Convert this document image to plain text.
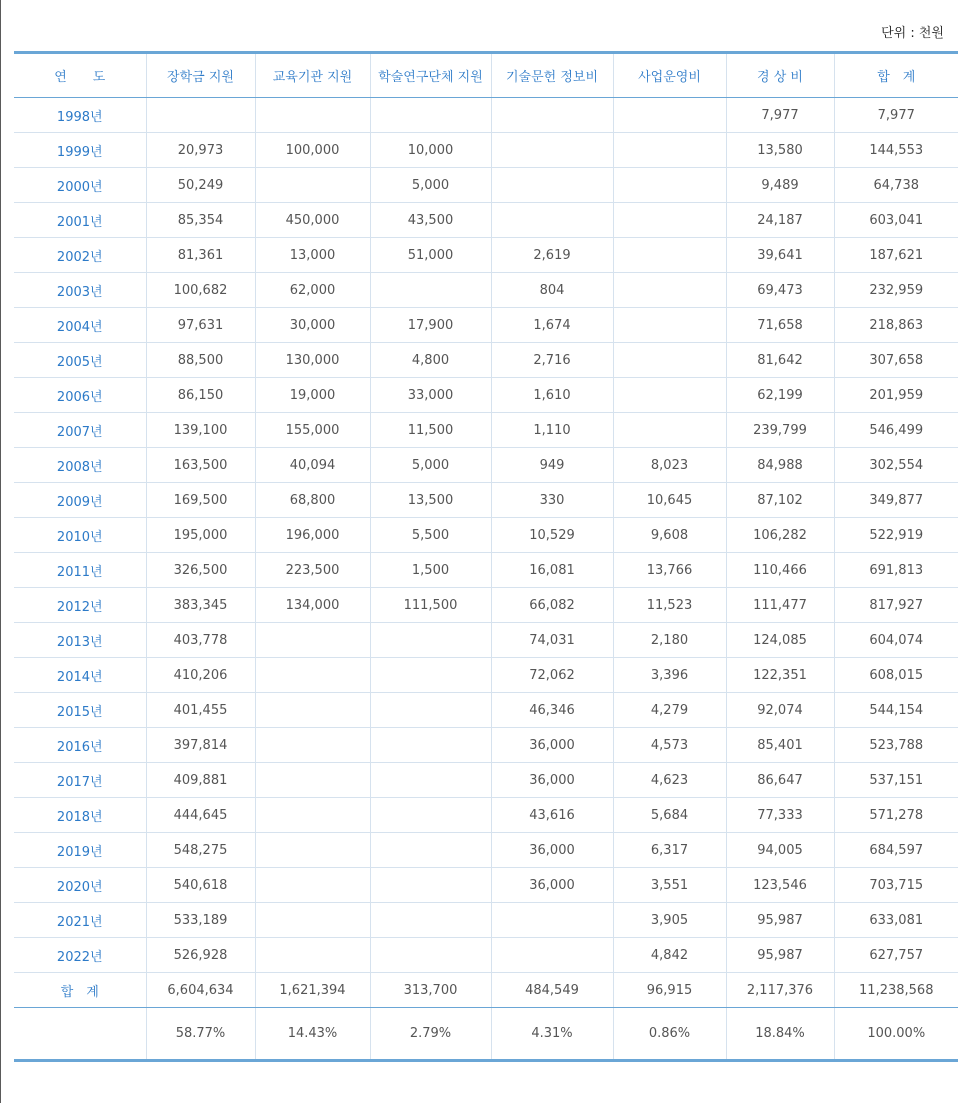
단위 : 천원
연　　도	장학금 지원	교육기관 지원	학술연구단체 지원	기술문헌 정보비	사업운영비	경 상 비	합　계
1998년						7,977	7,977
1999년	20,973	100,000	10,000			13,580	144,553
2000년	50,249		5,000			9,489	64,738
2001년	85,354	450,000	43,500			24,187	603,041
2002년	81,361	13,000	51,000	2,619		39,641	187,621
2003년	100,682	62,000		804		69,473	232,959
2004년	97,631	30,000	17,900	1,674		71,658	218,863
2005년	88,500	130,000	4,800	2,716		81,642	307,658
2006년	86,150	19,000	33,000	1,610		62,199	201,959
2007년	139,100	155,000	11,500	1,110		239,799	546,499
2008년	163,500	40,094	5,000	949	8,023	84,988	302,554
2009년	169,500	68,800	13,500	330	10,645	87,102	349,877
2010년	195,000	196,000	5,500	10,529	9,608	106,282	522,919
2011년	326,500	223,500	1,500	16,081	13,766	110,466	691,813
2012년	383,345	134,000	111,500	66,082	11,523	111,477	817,927
2013년	403,778			74,031	2,180	124,085	604,074
2014년	410,206			72,062	3,396	122,351	608,015
2015년	401,455			46,346	4,279	92,074	544,154
2016년	397,814			36,000	4,573	85,401	523,788
2017년	409,881			36,000	4,623	86,647	537,151
2018년	444,645			43,616	5,684	77,333	571,278
2019년	548,275			36,000	6,317	94,005	684,597
2020년	540,618			36,000	3,551	123,546	703,715
2021년	533,189				3,905	95,987	633,081
2022년	526,928				4,842	95,987	627,757
합　계	6,604,634	1,621,394	313,700	484,549	96,915	2,117,376	11,238,568
	58.77%	14.43%	2.79%	4.31%	0.86%	18.84%	100.00%
